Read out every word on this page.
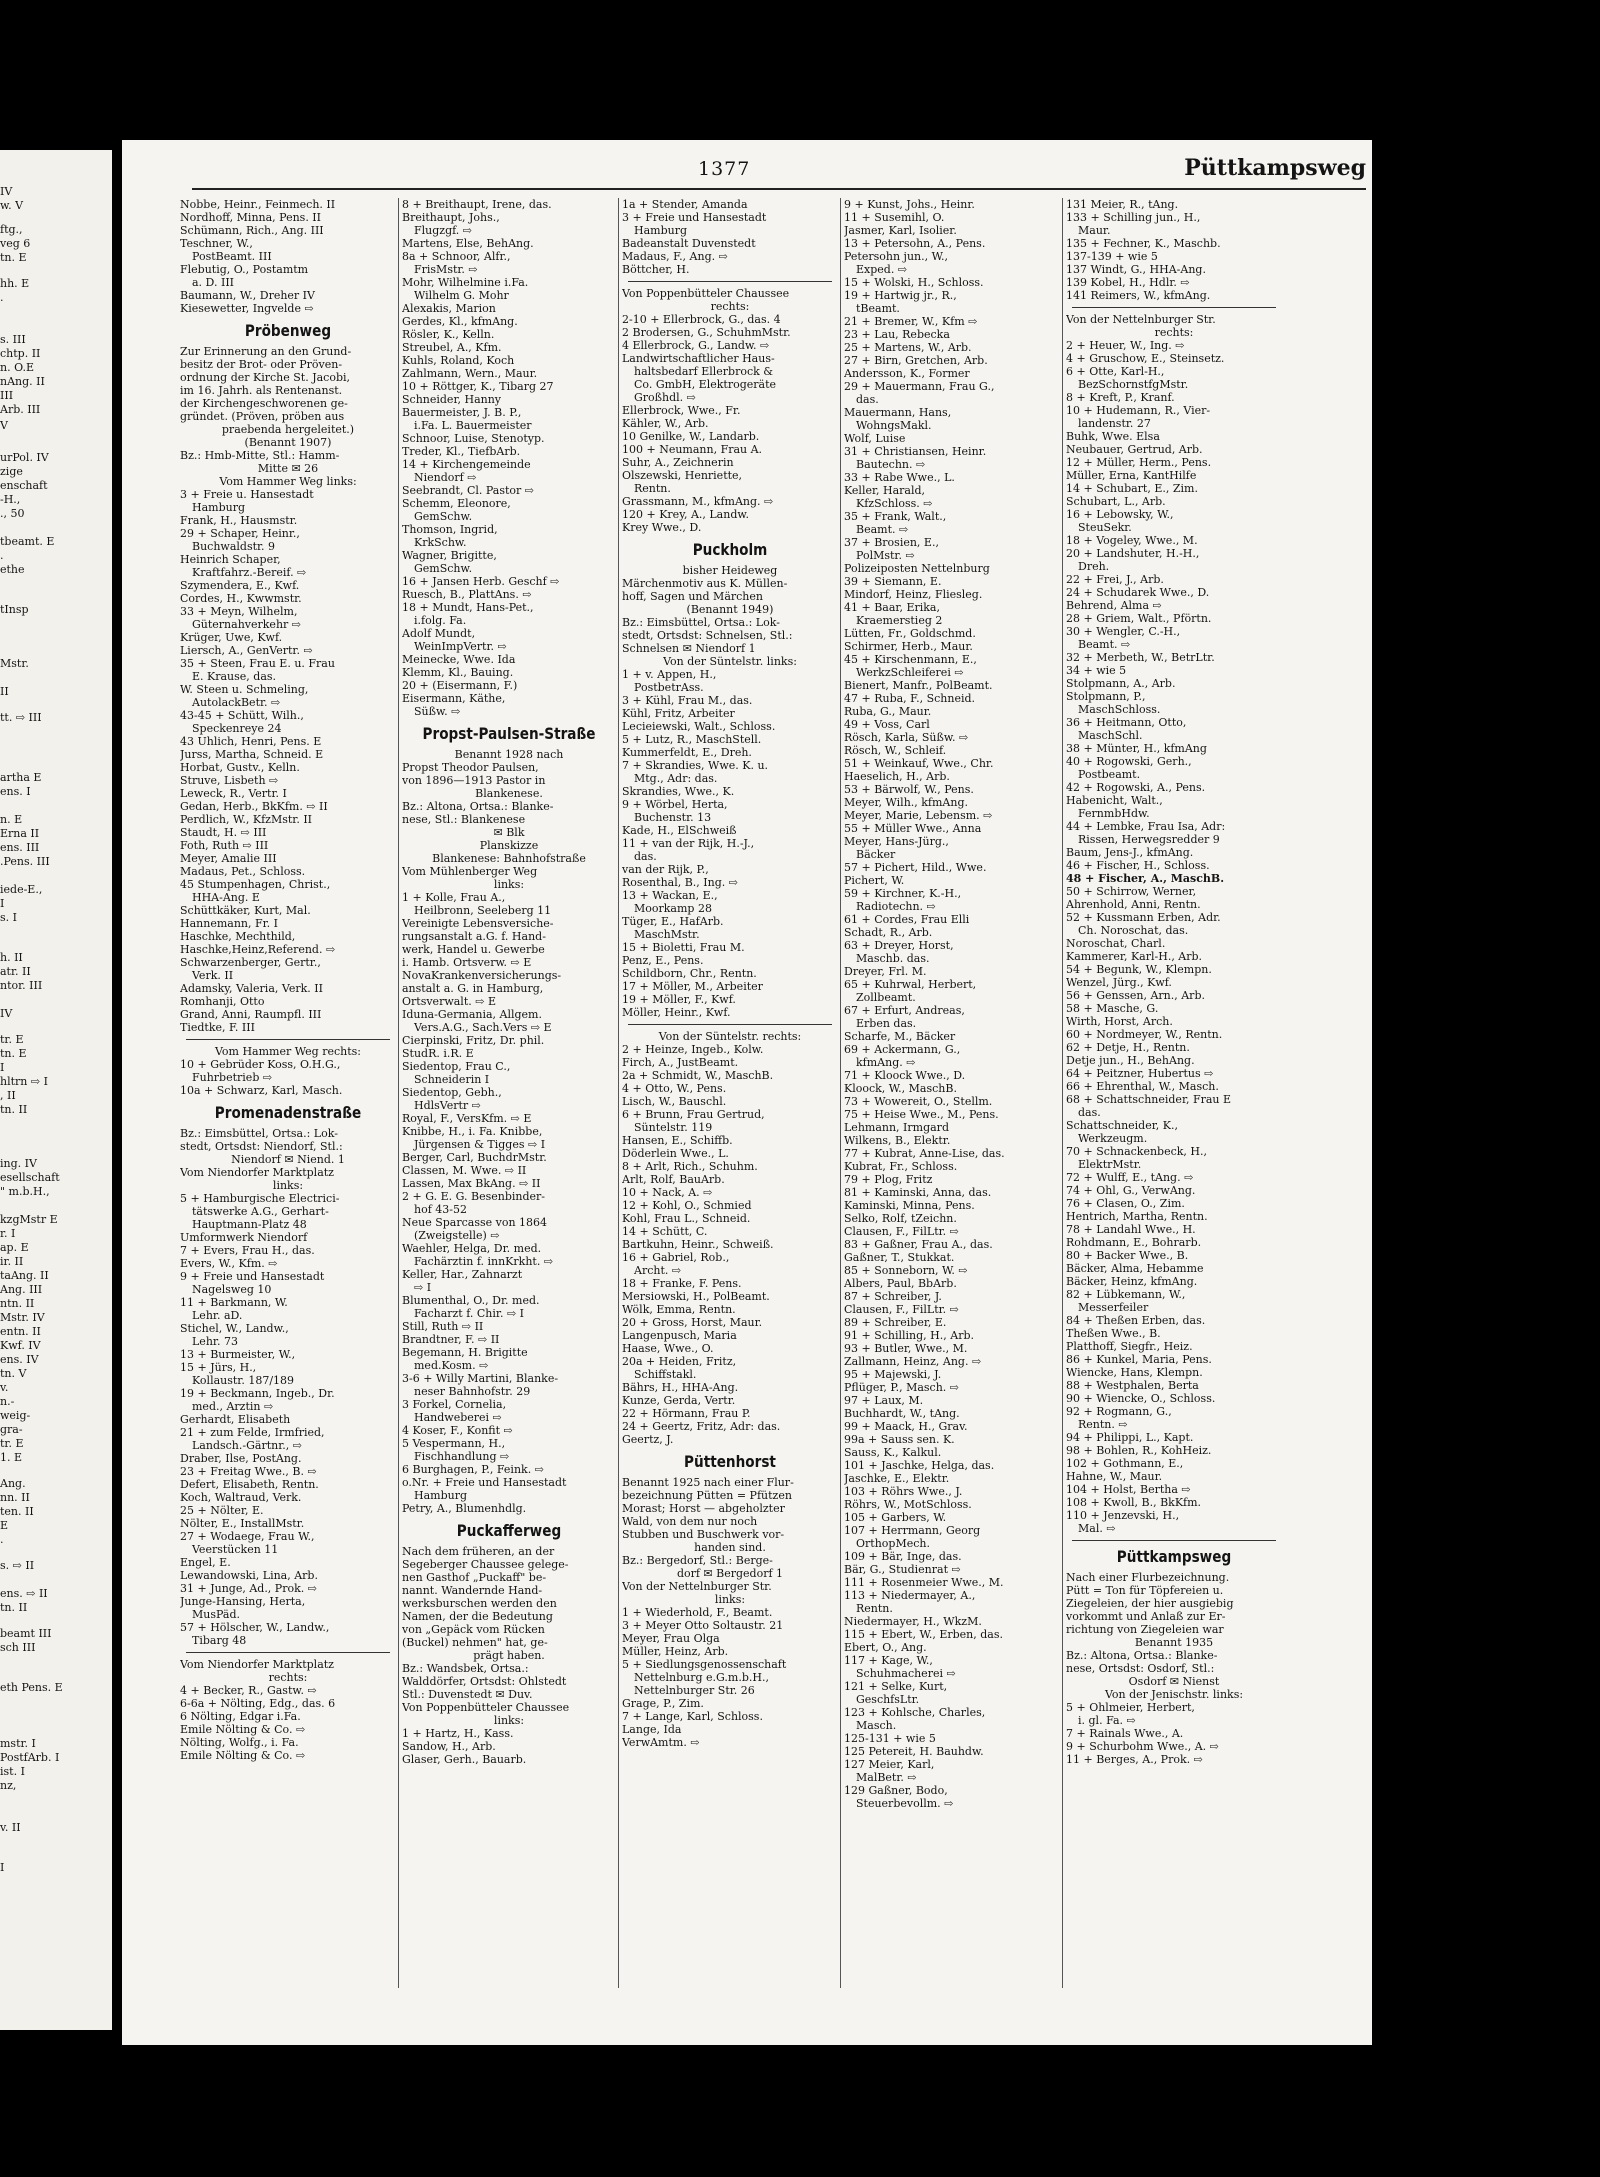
IV
w. V
ftg.,
veg 6
tn. E
hh. E
.
s. III
chtp. II
n. O.E
nAng. II
III
Arb. III
V
urPol. IV
zige
enschaft
-H.,
., 50
tbeamt. E
.
ethe
tInsp
Mstr.
II
tt. ⇨ III
artha E
ens. I
n. E
Erna II
ens. III
.Pens. III
iede-E.,
I
s. I
h. II
atr. II
ntor. III
IV
tr. E
tn. E
I
hltrn ⇨ I
, II
tn. II
ing. IV
esellschaft
" m.b.H.,
kzgMstr E
r. I
ap. E
ir. II
taAng. II
Ang. III
ntn. II
Mstr. IV
entn. II
Kwf. IV
ens. IV
tn. V
v.
n.-
weig-
gra-
tr. E
1. E
Ang.
nn. II
ten. II
E
.
s. ⇨ II
ens. ⇨ II
tn. II
beamt III
sch III
eth Pens. E
mstr. I
PostfArb. I
ist. I
nz,
v. II
I
1377	Püttkampsweg
Nobbe, Heinr., Feinmech. II
Nordhoff, Minna, Pens. II
Schümann, Rich., Ang. III
Teschner, W.,
PostBeamt. III
Flebutig, O., Postamtm
a. D. III
Baumann, W., Dreher IV
Kiesewetter, Ingvelde ⇨
Pröbenweg
Zur Erinnerung an den Grund-
besitz der Brot- oder Pröven-
ordnung der Kirche St. Jacobi,
im 16. Jahrh. als Rentenanst.
der Kirchengeschworenen ge-
gründet. (Pröven, pröben aus
praebenda hergeleitet.)
(Benannt 1907)
Bz.: Hmb-Mitte, Stl.: Hamm-
Mitte ✉ 26
Vom Hammer Weg links:
3 + Freie u. Hansestadt
Hamburg
Frank, H., Hausmstr.
29 + Schaper, Heinr.,
Buchwaldstr. 9
Heinrich Schaper,
Kraftfahrz.-Bereif. ⇨
Szymendera, E., Kwf.
Cordes, H., Kwwmstr.
33 + Meyn, Wilhelm,
Güternahverkehr ⇨
Krüger, Uwe, Kwf.
Liersch, A., GenVertr. ⇨
35 + Steen, Frau E. u. Frau
E. Krause, das.
W. Steen u. Schmeling,
AutolackBetr. ⇨
43-45 + Schütt, Wilh.,
Speckenreye 24
43 Uhlich, Henri, Pens. E
Jurss, Martha, Schneid. E
Horbat, Gustv., Kelln.
Struve, Lisbeth ⇨
Leweck, R., Vertr. I
Gedan, Herb., BkKfm. ⇨ II
Perdlich, W., KfzMstr. II
Staudt, H. ⇨ III
Foth, Ruth ⇨ III
Meyer, Amalie III
Madaus, Pet., Schloss.
45 Stumpenhagen, Christ.,
HHA-Ang. E
Schüttkäker, Kurt, Mal.
Hannemann, Fr. I
Haschke, Mechthild,
Haschke,Heinz,Referend. ⇨
Schwarzenberger, Gertr.,
Verk. II
Adamsky, Valeria, Verk. II
Romhanji, Otto
Grand, Anni, Raumpfl. III
Tiedtke, F. III
Vom Hammer Weg rechts:
10 + Gebrüder Koss, O.H.G.,
Fuhrbetrieb ⇨
10a + Schwarz, Karl, Masch.
Promenadenstraße
Bz.: Eimsbüttel, Ortsa.: Lok-
stedt, Ortsdst: Niendorf, Stl.:
Niendorf ✉ Niend. 1
Vom Niendorfer Marktplatz
links:
5 + Hamburgische Electrici-
tätswerke A.G., Gerhart-
Hauptmann-Platz 48
Umformwerk Niendorf
7 + Evers, Frau H., das.
Evers, W., Kfm. ⇨
9 + Freie und Hansestadt
Nagelsweg 10
11 + Barkmann, W.
Lehr. aD.
Stichel, W., Landw.,
Lehr. 73
13 + Burmeister, W.,
15 + Jürs, H.,
Kollaustr. 187/189
19 + Beckmann, Ingeb., Dr.
med., Arztin ⇨
Gerhardt, Elisabeth
21 + zum Felde, Irmfried,
Landsch.-Gärtnr., ⇨
Draber, Ilse, PostAng.
23 + Freitag Wwe., B. ⇨
Defert, Elisabeth, Rentn.
Koch, Waltraud, Verk.
25 + Nölter, E.
Nölter, E., InstallMstr.
27 + Wodaege, Frau W.,
Veerstücken 11
Engel, E.
Lewandowski, Lina, Arb.
31 + Junge, Ad., Prok. ⇨
Junge-Hansing, Herta,
MusPäd.
57 + Hölscher, W., Landw.,
Tibarg 48
Vom Niendorfer Marktplatz
rechts:
4 + Becker, R., Gastw. ⇨
6-6a + Nölting, Edg., das. 6
6 Nölting, Edgar i.Fa.
Emile Nölting & Co. ⇨
Nölting, Wolfg., i. Fa.
Emile Nölting & Co. ⇨
8 + Breithaupt, Irene, das.
Breithaupt, Johs.,
Flugzgf. ⇨
Martens, Else, BehAng.
8a + Schnoor, Alfr.,
FrisMstr. ⇨
Mohr, Wilhelmine i.Fa.
Wilhelm G. Mohr
Alexakis, Marion
Gerdes, Kl., kfmAng.
Rösler, K., Kelln.
Streubel, A., Kfm.
Kuhls, Roland, Koch
Zahlmann, Wern., Maur.
10 + Röttger, K., Tibarg 27
Schneider, Hanny
Bauermeister, J. B. P.,
i.Fa. L. Bauermeister
Schnoor, Luise, Stenotyp.
Treder, Kl., TiefbArb.
14 + Kirchengemeinde
Niendorf ⇨
Seebrandt, Cl. Pastor ⇨
Schemm, Eleonore,
GemSchw.
Thomson, Ingrid,
KrkSchw.
Wagner, Brigitte,
GemSchw.
16 + Jansen Herb. Geschf ⇨
Ruesch, B., PlattAns. ⇨
18 + Mundt, Hans-Pet.,
i.folg. Fa.
Adolf Mundt,
WeinImpVertr. ⇨
Meinecke, Wwe. Ida
Klemm, Kl., Bauing.
20 + (Eisermann, F.)
Eisermann, Käthe,
Süßw. ⇨
Propst-Paulsen-Straße
Benannt 1928 nach
Propst Theodor Paulsen,
von 1896—1913 Pastor in
Blankenese.
Bz.: Altona, Ortsa.: Blanke-
nese, Stl.: Blankenese
✉ Blk
Planskizze
Blankenese: Bahnhofstraße
Vom Mühlenberger Weg
links:
1 + Kolle, Frau A.,
Heilbronn, Seeleberg 11
Vereinigte Lebensversiche-
rungsanstalt a.G. f. Hand-
werk, Handel u. Gewerbe
i. Hamb. Ortsverw. ⇨ E
NovaKrankenversicherungs-
anstalt a. G. in Hamburg,
Ortsverwalt. ⇨ E
Iduna-Germania, Allgem.
Vers.A.G., Sach.Vers ⇨ E
Cierpinski, Fritz, Dr. phil.
StudR. i.R. E
Siedentop, Frau C.,
Schneiderin I
Siedentop, Gebh.,
HdlsVertr ⇨
Royal, F., VersKfm. ⇨ E
Knibbe, H., i. Fa. Knibbe,
Jürgensen & Tigges ⇨ I
Berger, Carl, BuchdrMstr.
Classen, M. Wwe. ⇨ II
Lassen, Max BkAng. ⇨ II
2 + G. E. G. Besenbinder-
hof 43-52
Neue Sparcasse von 1864
(Zweigstelle) ⇨
Waehler, Helga, Dr. med.
Fachärztin f. innKrkht. ⇨
Keller, Har., Zahnarzt
⇨ I
Blumenthal, O., Dr. med.
Facharzt f. Chir. ⇨ I
Still, Ruth ⇨ II
Brandtner, F. ⇨ II
Begemann, H. Brigitte
med.Kosm. ⇨
3-6 + Willy Martini, Blanke-
neser Bahnhofstr. 29
3 Forkel, Cornelia,
Handweberei ⇨
4 Koser, F., Konfit ⇨
5 Vespermann, H.,
Fischhandlung ⇨
6 Burghagen, P., Feink. ⇨
o.Nr. + Freie und Hansestadt
Hamburg
Petry, A., Blumenhdlg.
Puckafferweg
Nach dem früheren, an der
Segeberger Chaussee gelege-
nen Gasthof „Puckaff" be-
nannt. Wandernde Hand-
werksburschen werden den
Namen, der die Bedeutung
von „Gepäck vom Rücken
(Buckel) nehmen" hat, ge-
prägt haben.
Bz.: Wandsbek, Ortsa.:
Walddörfer, Ortsdst: Ohlstedt
Stl.: Duvenstedt ✉ Duv.
Von Poppenbütteler Chaussee
links:
1 + Hartz, H., Kass.
Sandow, H., Arb.
Glaser, Gerh., Bauarb.
1a + Stender, Amanda
3 + Freie und Hansestadt
Hamburg
Badeanstalt Duvenstedt
Madaus, F., Ang. ⇨
Böttcher, H.
Von Poppenbütteler Chaussee
rechts:
2-10 + Ellerbrock, G., das. 4
2 Brodersen, G., SchuhmMstr.
4 Ellerbrock, G., Landw. ⇨
Landwirtschaftlicher Haus-
haltsbedarf Ellerbrock &
Co. GmbH, Elektrogeräte
Großhdl. ⇨
Ellerbrock, Wwe., Fr.
Kähler, W., Arb.
10 Genilke, W., Landarb.
100 + Neumann, Frau A.
Suhr, A., Zeichnerin
Olszewski, Henriette,
Rentn.
Grassmann, M., kfmAng. ⇨
120 + Krey, A., Landw.
Krey Wwe., D.
Puckholm
bisher Heideweg
Märchenmotiv aus K. Müllen-
hoff, Sagen und Märchen
(Benannt 1949)
Bz.: Eimsbüttel, Ortsa.: Lok-
stedt, Ortsdst: Schnelsen, Stl.:
Schnelsen ✉ Niendorf 1
Von der Süntelstr. links:
1 + v. Appen, H.,
PostbetrAss.
3 + Kühl, Frau M., das.
Kühl, Fritz, Arbeiter
Lecieiewski, Walt., Schloss.
5 + Lutz, R., MaschStell.
Kummerfeldt, E., Dreh.
7 + Skrandies, Wwe. K. u.
Mtg., Adr: das.
Skrandies, Wwe., K.
9 + Wörbel, Herta,
Buchenstr. 13
Kade, H., ElSchweiß
11 + van der Rijk, H.-J.,
das.
van der Rijk, P.,
Rosenthal, B., Ing. ⇨
13 + Wackan, E.,
Moorkamp 28
Tüger, E., HafArb.
MaschMstr.
15 + Bioletti, Frau M.
Penz, E., Pens.
Schildborn, Chr., Rentn.
17 + Möller, M., Arbeiter
19 + Möller, F., Kwf.
Möller, Heinr., Kwf.
Von der Süntelstr. rechts:
2 + Heinze, Ingeb., Kolw.
Firch, A., JustBeamt.
2a + Schmidt, W., MaschB.
4 + Otto, W., Pens.
Lisch, W., Bauschl.
6 + Brunn, Frau Gertrud,
Süntelstr. 119
Hansen, E., Schiffb.
Döderlein Wwe., L.
8 + Arlt, Rich., Schuhm.
Arlt, Rolf, BauArb.
10 + Nack, A. ⇨
12 + Kohl, O., Schmied
Kohl, Frau L., Schneid.
14 + Schütt, C.
Bartkuhn, Heinr., Schweiß.
16 + Gabriel, Rob.,
Archt. ⇨
18 + Franke, F. Pens.
Mersiowski, H., PolBeamt.
Wölk, Emma, Rentn.
20 + Gross, Horst, Maur.
Langenpusch, Maria
Haase, Wwe., O.
20a + Heiden, Fritz,
Schiffstakl.
Bährs, H., HHA-Ang.
Kunze, Gerda, Vertr.
22 + Hörmann, Frau P.
24 + Geertz, Fritz, Adr: das.
Geertz, J.
Püttenhorst
Benannt 1925 nach einer Flur-
bezeichnung Pütten = Pfützen
Morast; Horst — abgeholzter
Wald, von dem nur noch
Stubben und Buschwerk vor-
handen sind.
Bz.: Bergedorf, Stl.: Berge-
dorf ✉ Bergedorf 1
Von der Nettelnburger Str.
links:
1 + Wiederhold, F., Beamt.
3 + Meyer Otto Soltaustr. 21
Meyer, Frau Olga
Müller, Heinz, Arb.
5 + Siedlungsgenossenschaft
Nettelnburg e.G.m.b.H.,
Nettelnburger Str. 26
Grage, P., Zim.
7 + Lange, Karl, Schloss.
Lange, Ida
VerwAmtm. ⇨
9 + Kunst, Johs., Heinr.
11 + Susemihl, O.
Jasmer, Karl, Isolier.
13 + Petersohn, A., Pens.
Petersohn jun., W.,
Exped. ⇨
15 + Wolski, H., Schloss.
19 + Hartwig jr., R.,
tBeamt.
21 + Bremer, W., Kfm ⇨
23 + Lau, Rebecka
25 + Martens, W., Arb.
27 + Birn, Gretchen, Arb.
Andersson, K., Former
29 + Mauermann, Frau G.,
das.
Mauermann, Hans,
WohngsMakl.
Wolf, Luise
31 + Christiansen, Heinr.
Bautechn. ⇨
33 + Rabe Wwe., L.
Keller, Harald,
KfzSchloss. ⇨
35 + Frank, Walt.,
Beamt. ⇨
37 + Brosien, E.,
PolMstr. ⇨
Polizeiposten Nettelnburg
39 + Siemann, E.
Mindorf, Heinz, Fliesleg.
41 + Baar, Erika,
Kraemerstieg 2
Lütten, Fr., Goldschmd.
Schirmer, Herb., Maur.
45 + Kirschenmann, E.,
WerkzSchleiferei ⇨
Bienert, Manfr., PolBeamt.
47 + Ruba, F., Schneid.
Ruba, G., Maur.
49 + Voss, Carl
Rösch, Karla, Süßw. ⇨
Rösch, W., Schleif.
51 + Weinkauf, Wwe., Chr.
Haeselich, H., Arb.
53 + Bärwolf, W., Pens.
Meyer, Wilh., kfmAng.
Meyer, Marie, Lebensm. ⇨
55 + Müller Wwe., Anna
Meyer, Hans-Jürg.,
Bäcker
57 + Pichert, Hild., Wwe.
Pichert, W.
59 + Kirchner, K.-H.,
Radiotechn. ⇨
61 + Cordes, Frau Elli
Schadt, R., Arb.
63 + Dreyer, Horst,
Maschb. das.
Dreyer, Frl. M.
65 + Kuhrwal, Herbert,
Zollbeamt.
67 + Erfurt, Andreas,
Erben das.
Scharfe, M., Bäcker
69 + Ackermann, G.,
kfmAng. ⇨
71 + Kloock Wwe., D.
Kloock, W., MaschB.
73 + Wowereit, O., Stellm.
75 + Heise Wwe., M., Pens.
Lehmann, Irmgard
Wilkens, B., Elektr.
77 + Kubrat, Anne-Lise, das.
Kubrat, Fr., Schloss.
79 + Plog, Fritz
81 + Kaminski, Anna, das.
Kaminski, Minna, Pens.
Selko, Rolf, tZeichn.
Clausen, F., FilLtr. ⇨
83 + Gaßner, Frau A., das.
Gaßner, T., Stukkat.
85 + Sonneborn, W. ⇨
Albers, Paul, BbArb.
87 + Schreiber, J.
Clausen, F., FilLtr. ⇨
89 + Schreiber, E.
91 + Schilling, H., Arb.
93 + Butler, Wwe., M.
Zallmann, Heinz, Ang. ⇨
95 + Majewski, J.
Pflüger, P., Masch. ⇨
97 + Laux, M.
Buchhardt, W., tAng.
99 + Maack, H., Grav.
99a + Sauss sen. K.
Sauss, K., Kalkul.
101 + Jaschke, Helga, das.
Jaschke, E., Elektr.
103 + Röhrs Wwe., J.
Röhrs, W., MotSchloss.
105 + Garbers, W.
107 + Herrmann, Georg
OrthopMech.
109 + Bär, Inge, das.
Bär, G., Studienrat ⇨
111 + Rosenmeier Wwe., M.
113 + Niedermayer, A.,
Rentn.
Niedermayer, H., WkzM.
115 + Ebert, W., Erben, das.
Ebert, O., Ang.
117 + Kage, W.,
Schuhmacherei ⇨
121 + Selke, Kurt,
GeschfsLtr.
123 + Kohlsche, Charles,
Masch.
125-131 + wie 5
125 Petereit, H. Bauhdw.
127 Meier, Karl,
MalBetr. ⇨
129 Gaßner, Bodo,
Steuerbevollm. ⇨
131 Meier, R., tAng.
133 + Schilling jun., H.,
Maur.
135 + Fechner, K., Maschb.
137-139 + wie 5
137 Windt, G., HHA-Ang.
139 Kobel, H., Hdlr. ⇨
141 Reimers, W., kfmAng.
Von der Nettelnburger Str.
rechts:
2 + Heuer, W., Ing. ⇨
4 + Gruschow, E., Steinsetz.
6 + Otte, Karl-H.,
BezSchornstfgMstr.
8 + Kreft, P., Kranf.
10 + Hudemann, R., Vier-
landenstr. 27
Buhk, Wwe. Elsa
Neubauer, Gertrud, Arb.
12 + Müller, Herm., Pens.
Müller, Erna, KantHilfe
14 + Schubart, E., Zim.
Schubart, L., Arb.
16 + Lebowsky, W.,
SteuSekr.
18 + Vogeley, Wwe., M.
20 + Landshuter, H.-H.,
Dreh.
22 + Frei, J., Arb.
24 + Schudarek Wwe., D.
Behrend, Alma ⇨
28 + Griem, Walt., Pförtn.
30 + Wengler, C.-H.,
Beamt. ⇨
32 + Merbeth, W., BetrLtr.
34 + wie 5
Stolpmann, A., Arb.
Stolpmann, P.,
MaschSchloss.
36 + Heitmann, Otto,
MaschSchl.
38 + Münter, H., kfmAng
40 + Rogowski, Gerh.,
Postbeamt.
42 + Rogowski, A., Pens.
Habenicht, Walt.,
FernmbHdw.
44 + Lembke, Frau Isa, Adr:
Rissen, Herwegsredder 9
Baum, Jens-J., kfmAng.
46 + Fischer, H., Schloss.
48 + Fischer, A., MaschB.
50 + Schirrow, Werner,
Ahrenhold, Anni, Rentn.
52 + Kussmann Erben, Adr.
Ch. Noroschat, das.
Noroschat, Charl.
Kammerer, Karl-H., Arb.
54 + Begunk, W., Klempn.
Wenzel, Jürg., Kwf.
56 + Genssen, Arn., Arb.
58 + Masche, G.
Wirth, Horst, Arch.
60 + Nordmeyer, W., Rentn.
62 + Detje, H., Rentn.
Detje jun., H., BehAng.
64 + Peitzner, Hubertus ⇨
66 + Ehrenthal, W., Masch.
68 + Schattschneider, Frau E
das.
Schattschneider, K.,
Werkzeugm.
70 + Schnackenbeck, H.,
ElektrMstr.
72 + Wulff, E., tAng. ⇨
74 + Ohl, G., VerwAng.
76 + Clasen, O., Zim.
Hentrich, Martha, Rentn.
78 + Landahl Wwe., H.
Rohdmann, E., Bohrarb.
80 + Backer Wwe., B.
Bäcker, Alma, Hebamme
Bäcker, Heinz, kfmAng.
82 + Lübkemann, W.,
Messerfeiler
84 + Theßen Erben, das.
Theßen Wwe., B.
Platthoff, Siegfr., Heiz.
86 + Kunkel, Maria, Pens.
Wiencke, Hans, Klempn.
88 + Westphalen, Berta
90 + Wiencke, O., Schloss.
92 + Rogmann, G.,
Rentn. ⇨
94 + Philippi, L., Kapt.
98 + Bohlen, R., KohHeiz.
102 + Gothmann, E.,
Hahne, W., Maur.
104 + Holst, Bertha ⇨
108 + Kwoll, B., BkKfm.
110 + Jenzevski, H.,
Mal. ⇨
Püttkampsweg
Nach einer Flurbezeichnung.
Pütt = Ton für Töpfereien u.
Ziegeleien, der hier ausgiebig
vorkommt und Anlaß zur Er-
richtung von Ziegeleien war
Benannt 1935
Bz.: Altona, Ortsa.: Blanke-
nese, Ortsdst: Osdorf, Stl.:
Osdorf ✉ Nienst
Von der Jenischstr. links:
5 + Ohlmeier, Herbert,
i. gl. Fa. ⇨
7 + Rainals Wwe., A.
9 + Schurbohm Wwe., A. ⇨
11 + Berges, A., Prok. ⇨
